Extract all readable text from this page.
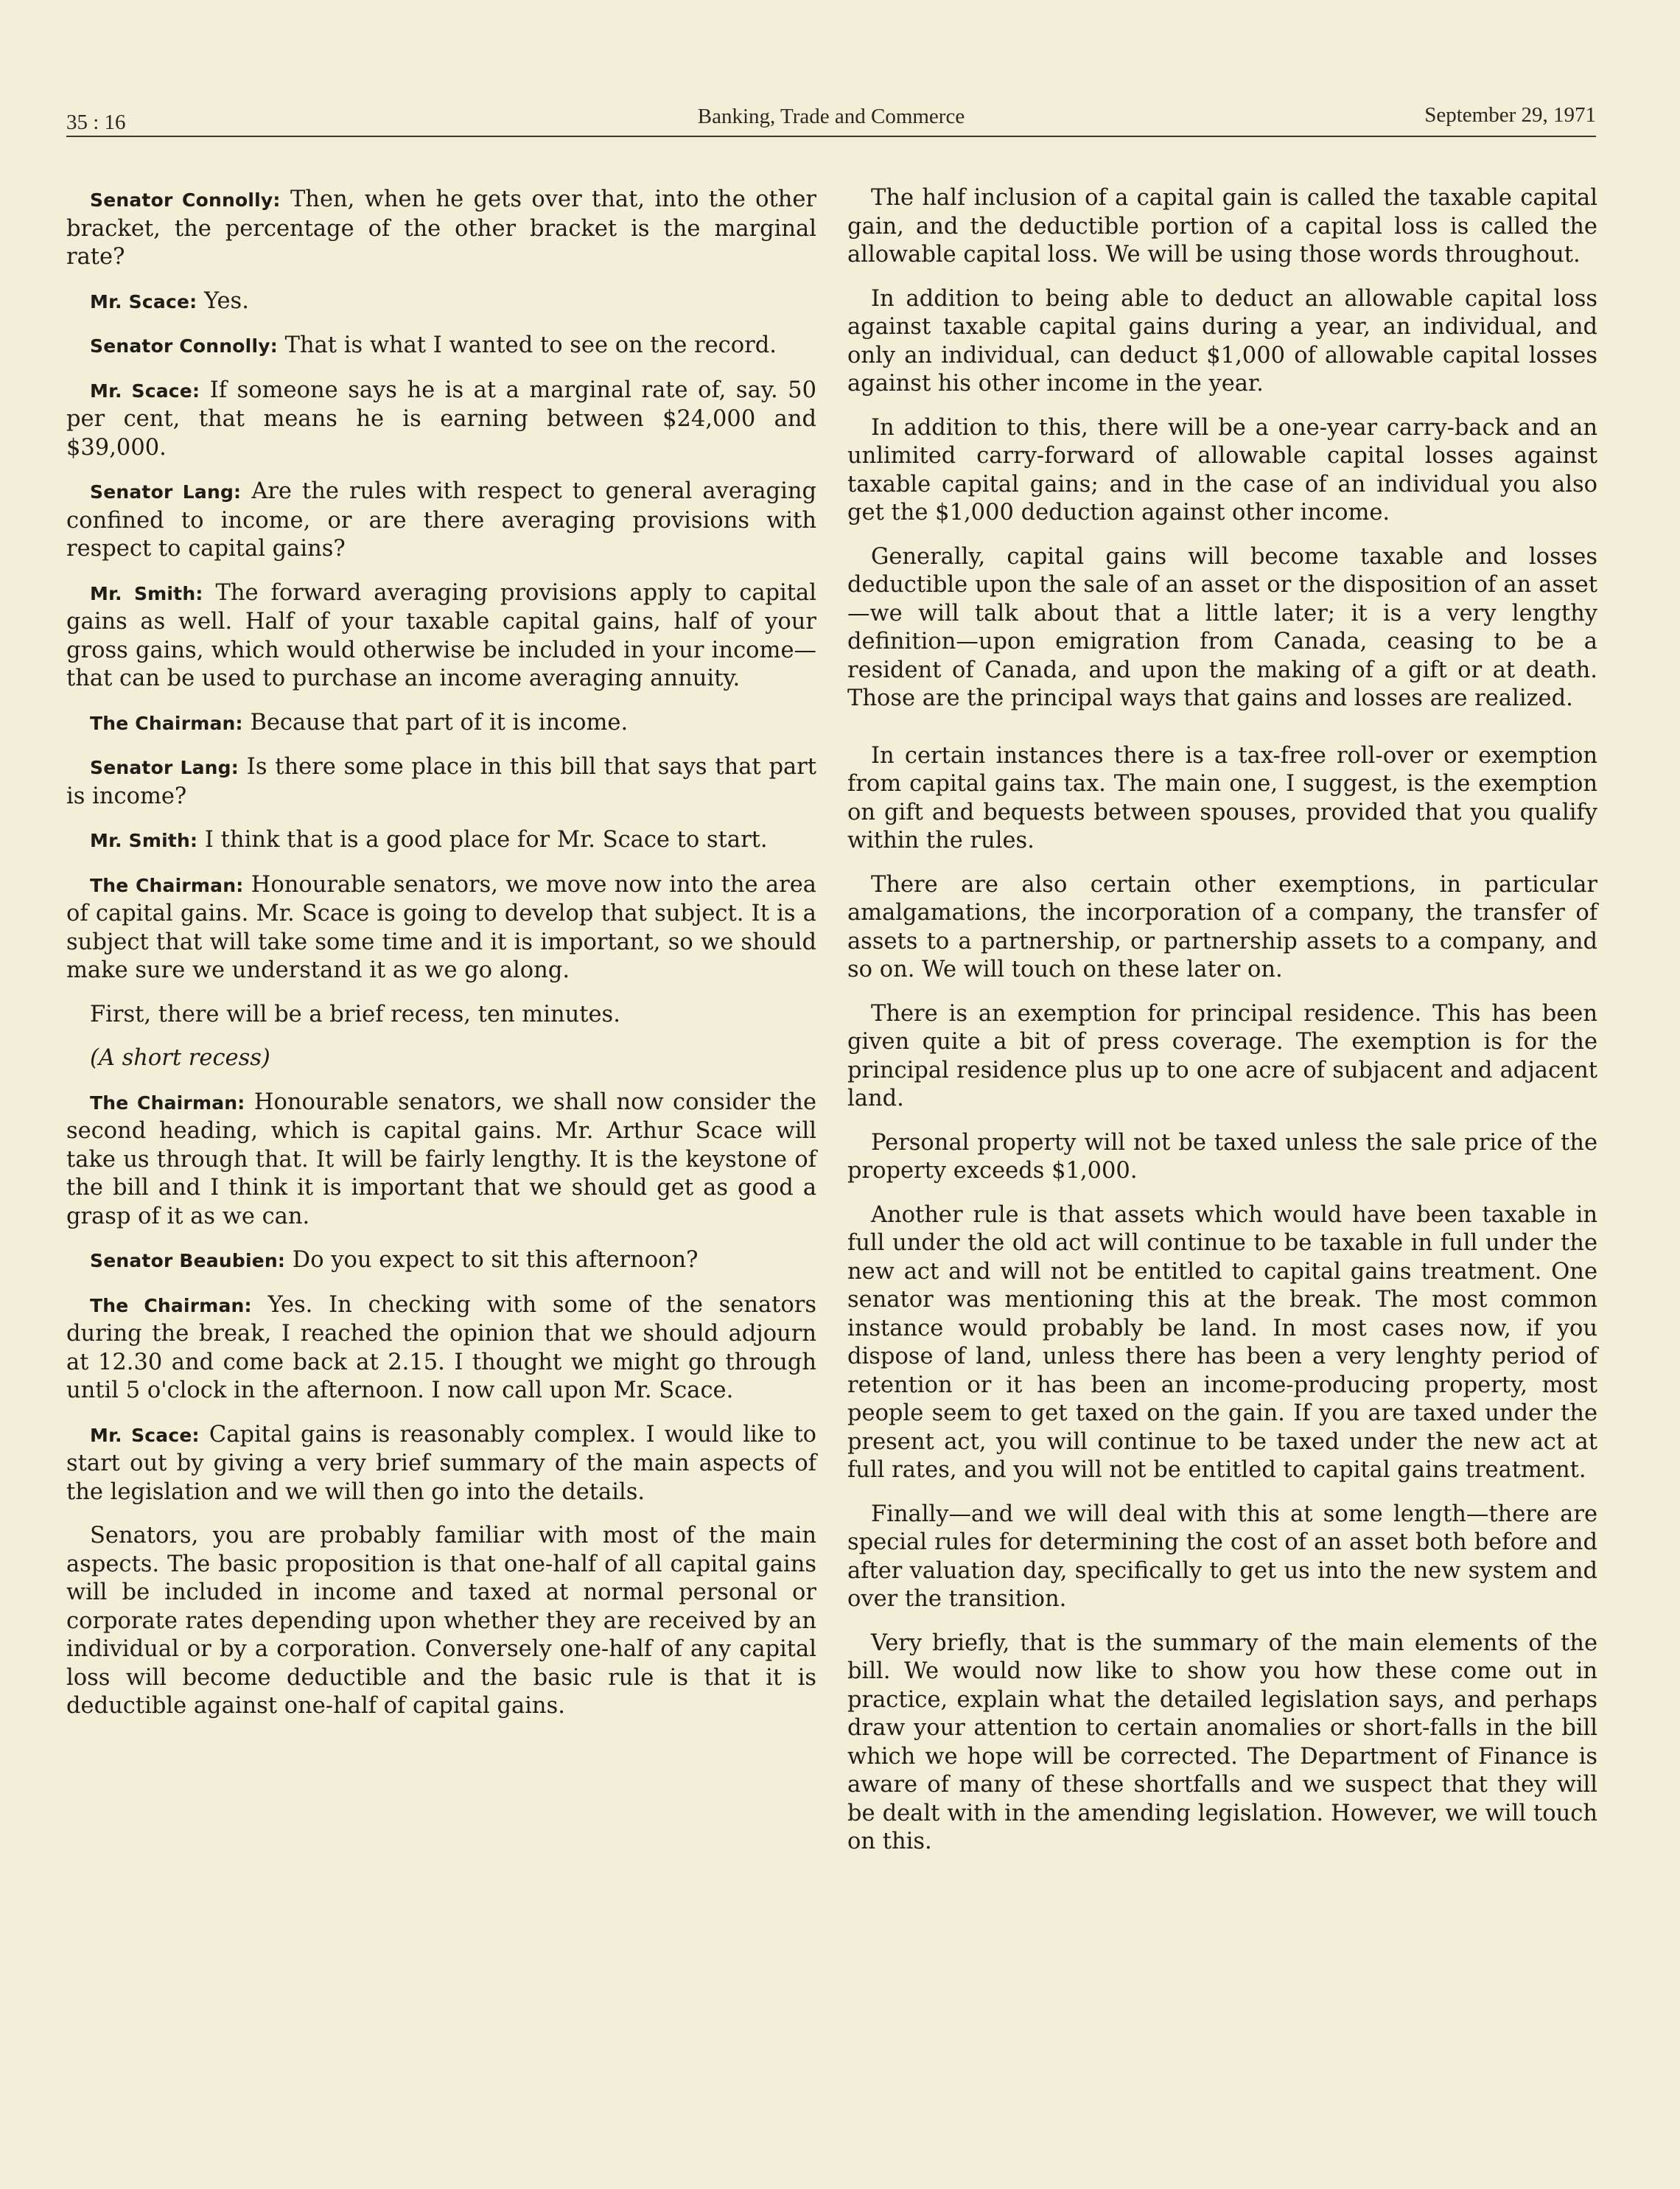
35 : 16	Banking, Trade and Commerce	September 29, 1971

Senator Connolly: Then, when he gets over that, into the other bracket, the percentage of the other bracket is the marginal rate?

Mr. Scace: Yes.

Senator Connolly: That is what I wanted to see on the record.

Mr. Scace: If someone says he is at a marginal rate of, say. 50 per cent, that means he is earning between $24,000 and $39,000.

Senator Lang: Are the rules with respect to general averaging confined to income, or are there averaging provisions with respect to capital gains?

Mr. Smith: The forward averaging provisions apply to capital gains as well. Half of your taxable capital gains, half of your gross gains, which would otherwise be included in your income—that can be used to purchase an income averaging annuity.

The Chairman: Because that part of it is income.

Senator Lang: Is there some place in this bill that says that part is income?

Mr. Smith: I think that is a good place for Mr. Scace to start.

The Chairman: Honourable senators, we move now into the area of capital gains. Mr. Scace is going to develop that subject. It is a subject that will take some time and it is important, so we should make sure we understand it as we go along.

First, there will be a brief recess, ten minutes.

(A short recess)

The Chairman: Honourable senators, we shall now consider the second heading, which is capital gains. Mr. Arthur Scace will take us through that. It will be fairly lengthy. It is the keystone of the bill and I think it is important that we should get as good a grasp of it as we can.

Senator Beaubien: Do you expect to sit this afternoon?

The Chairman: Yes. In checking with some of the senators during the break, I reached the opinion that we should adjourn at 12.30 and come back at 2.15. I thought we might go through until 5 o'clock in the afternoon. I now call upon Mr. Scace.

Mr. Scace: Capital gains is reasonably complex. I would like to start out by giving a very brief summary of the main aspects of the legislation and we will then go into the details.

Senators, you are probably familiar with most of the main aspects. The basic proposition is that one-half of all capital gains will be included in income and taxed at normal personal or corporate rates depending upon whether they are received by an individual or by a corporation. Conversely one-half of any capital loss will become deductible and the basic rule is that it is deductible against one-half of capital gains.

The half inclusion of a capital gain is called the taxable capital gain, and the deductible portion of a capital loss is called the allowable capital loss. We will be using those words throughout.

In addition to being able to deduct an allowable capital loss against taxable capital gains during a year, an individual, and only an individual, can deduct $1,000 of allowable capital losses against his other income in the year.

In addition to this, there will be a one-year carry-back and an unlimited carry-forward of allowable capital losses against taxable capital gains; and in the case of an individual you also get the $1,000 deduction against other income.

Generally, capital gains will become taxable and losses deductible upon the sale of an asset or the disposition of an asset—we will talk about that a little later; it is a very lengthy definition—upon emigration from Canada, ceasing to be a resident of Canada, and upon the making of a gift or at death. Those are the principal ways that gains and losses are realized.

In certain instances there is a tax-free roll-over or exemption from capital gains tax. The main one, I suggest, is the exemption on gift and bequests between spouses, provided that you qualify within the rules.

There are also certain other exemptions, in particular amalgamations, the incorporation of a company, the transfer of assets to a partnership, or partnership assets to a company, and so on. We will touch on these later on.

There is an exemption for principal residence. This has been given quite a bit of press coverage. The exemption is for the principal residence plus up to one acre of subjacent and adjacent land.

Personal property will not be taxed unless the sale price of the property exceeds $1,000.

Another rule is that assets which would have been taxable in full under the old act will continue to be taxable in full under the new act and will not be entitled to capital gains treatment. One senator was mentioning this at the break. The most common instance would probably be land. In most cases now, if you dispose of land, unless there has been a very lenghty period of retention or it has been an income-producing property, most people seem to get taxed on the gain. If you are taxed under the present act, you will continue to be taxed under the new act at full rates, and you will not be entitled to capital gains treatment.

Finally—and we will deal with this at some length—there are special rules for determining the cost of an asset both before and after valuation day, specifically to get us into the new system and over the transition.

Very briefly, that is the summary of the main elements of the bill. We would now like to show you how these come out in practice, explain what the detailed legislation says, and perhaps draw your attention to certain anomalies or short-falls in the bill which we hope will be corrected. The Department of Finance is aware of many of these shortfalls and we suspect that they will be dealt with in the amending legislation. However, we will touch on this.
